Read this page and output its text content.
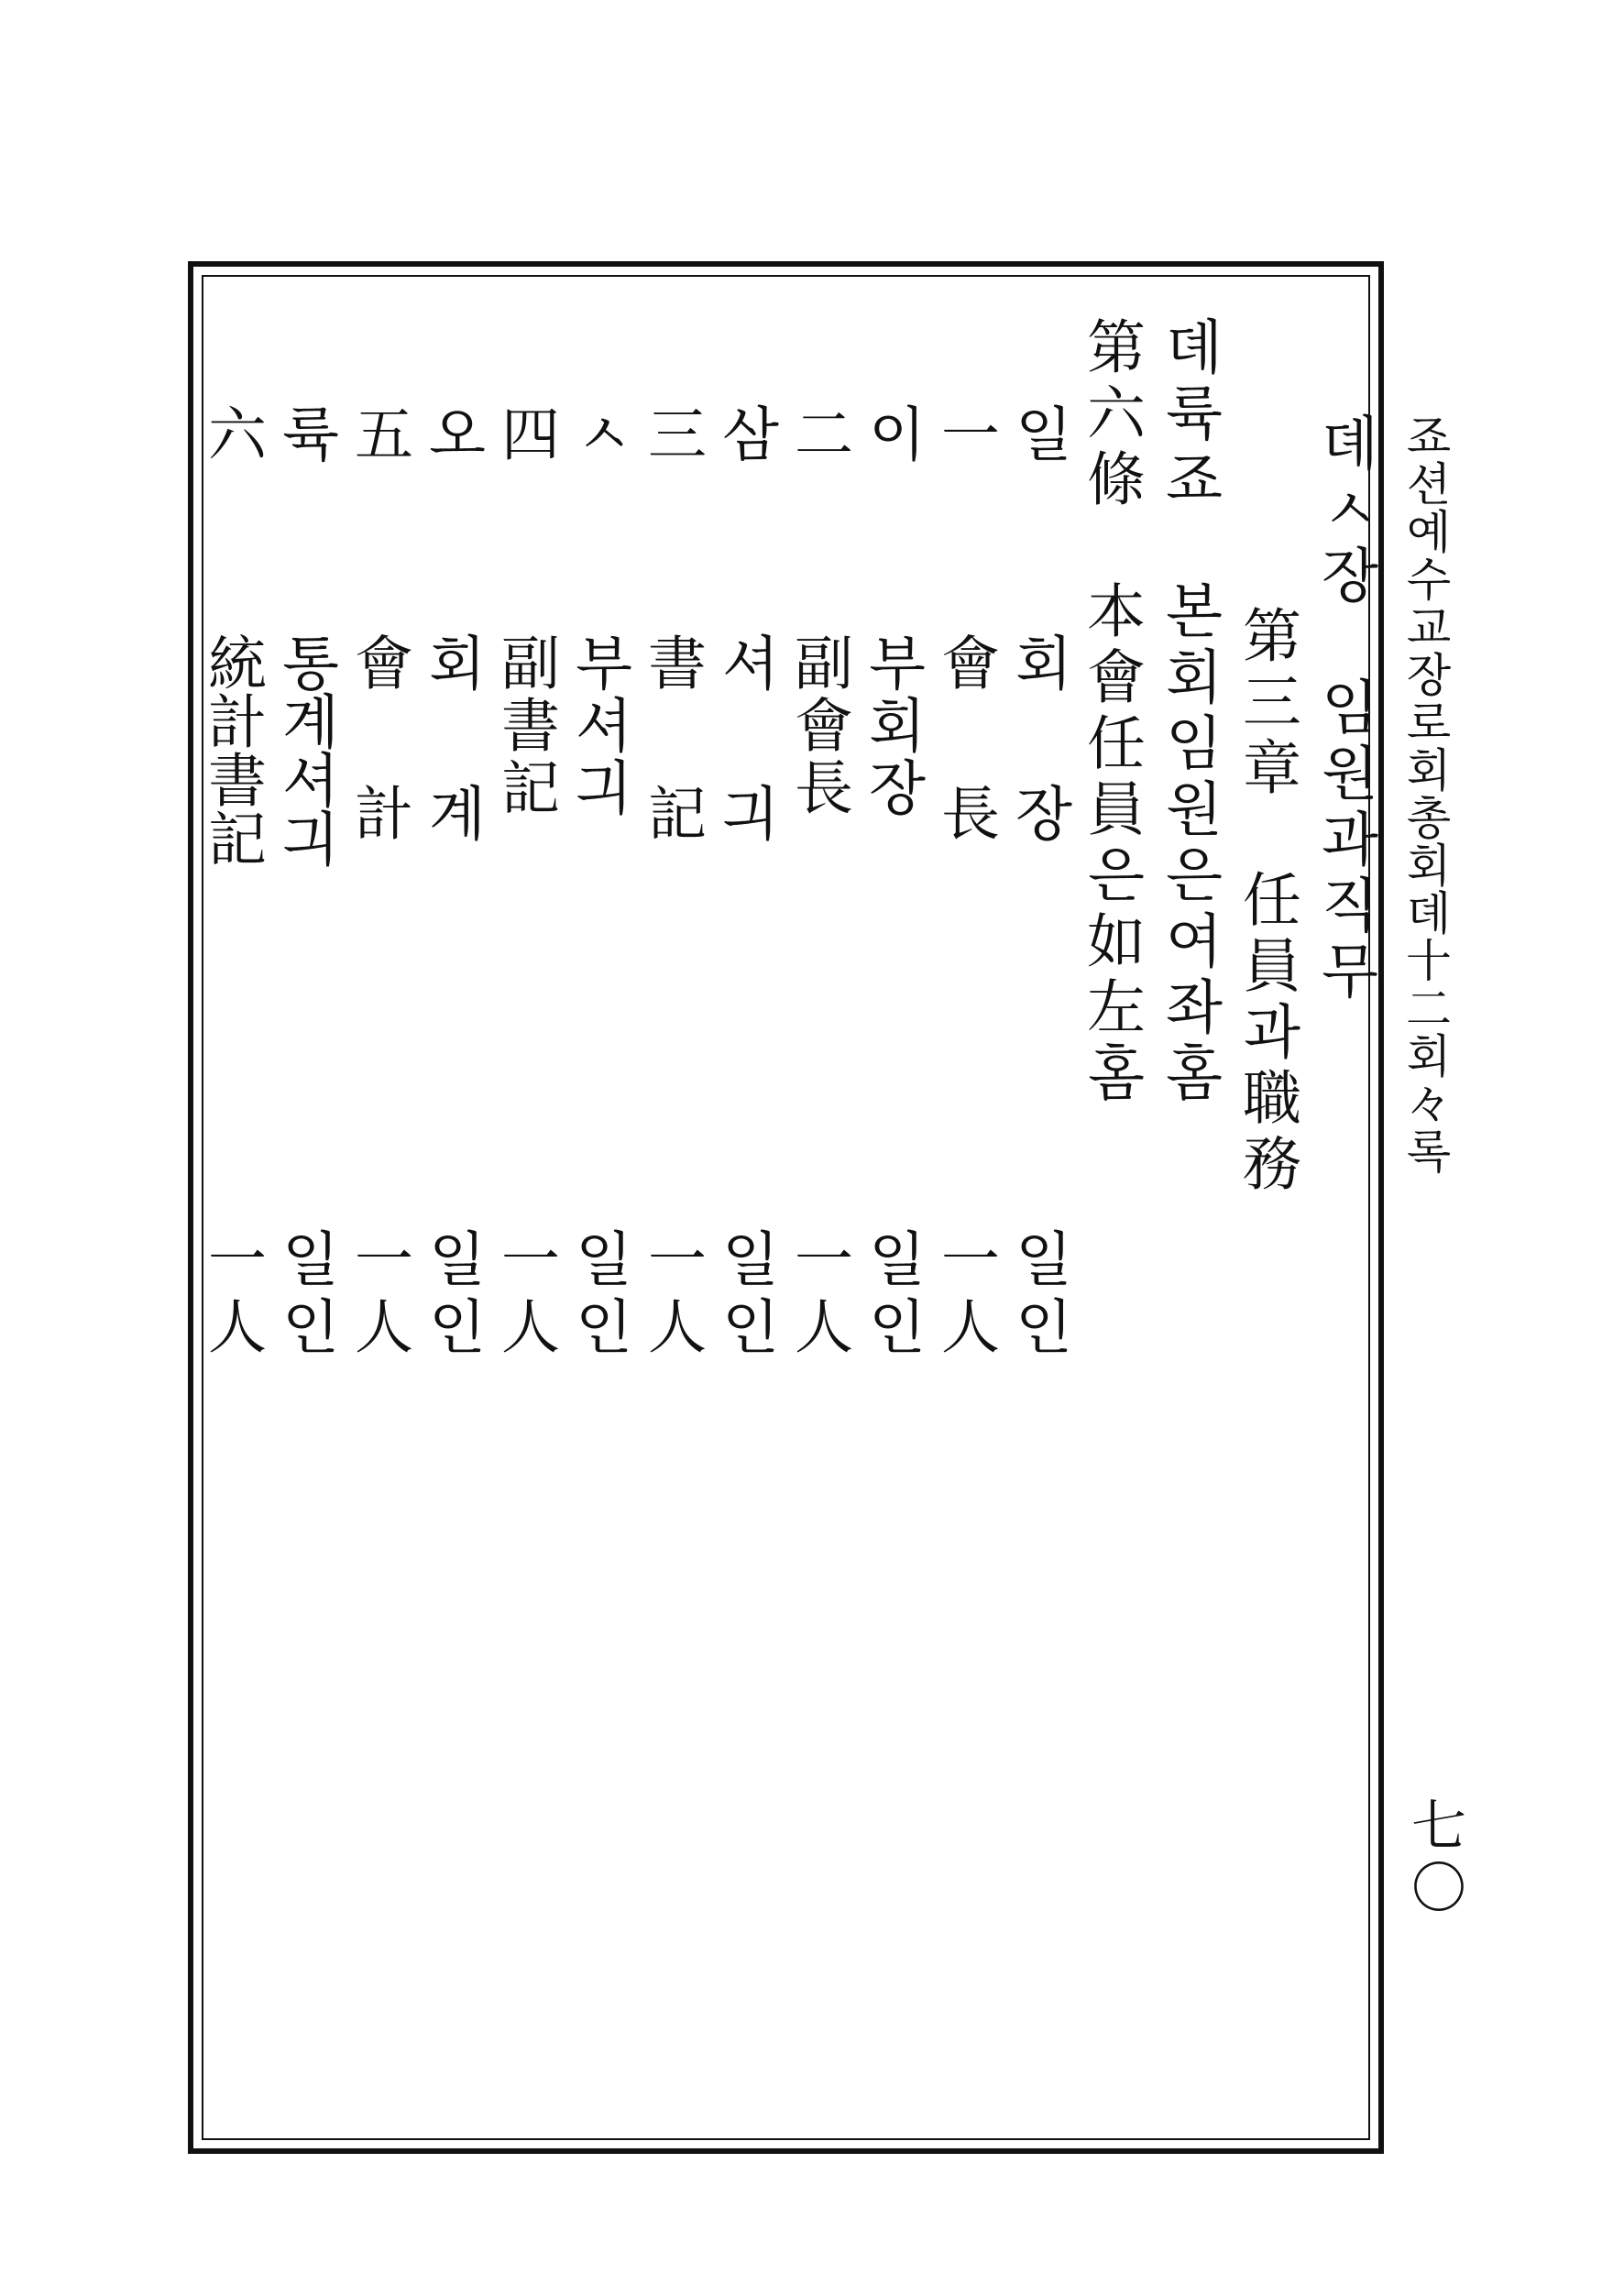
죠션예수교장로회총회뎨十二회々록
七〇
뎨ㅅ장　임원과직무
第三章　任員과職務
뎨륙죠　본회임원은여좌홈
第六條　本會任員은如左홈
일
회　장
일인
一
會　長
一人
이
부회장
일인
二
副會長
一人
삼
셔　긔
일인
三
書　記
一人
ㅅ
부셔긔
일인
四
副書記
一人
오
회　계
일인
五
會　計
一人
륙
통계셔긔
일인
六
統計書記
一人
